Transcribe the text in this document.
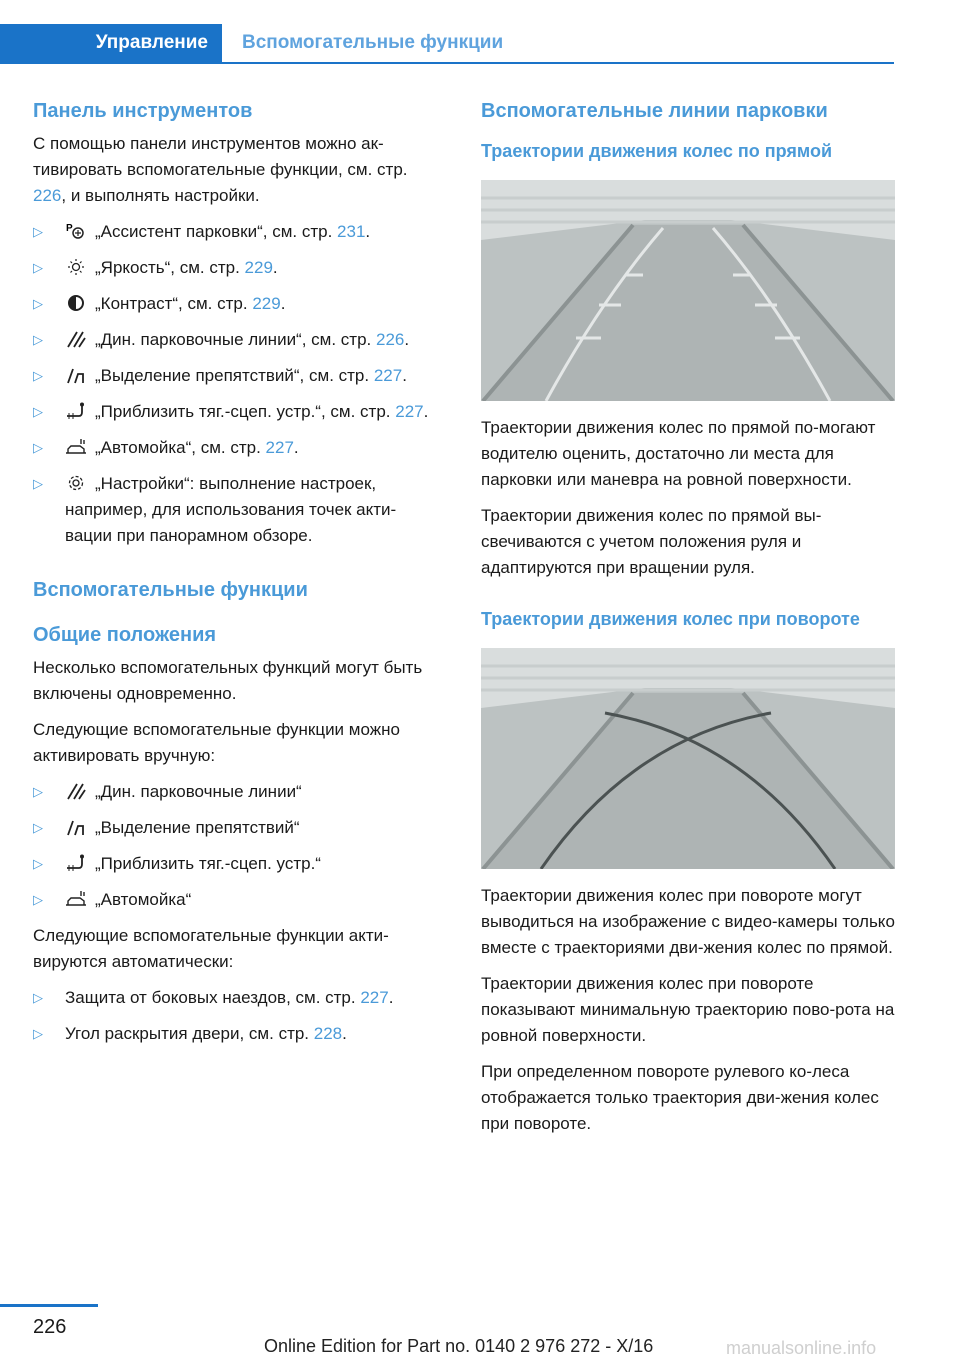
Управление	Вспомогательные функции
Панель инструментов

С помощью панели инструментов можно ак-тивировать вспомогательные функции, см. стр. 226, и выполнять настройки.

▷ P „Ассистент парковки“, см. стр. 231.
▷	„Яркость“, см. стр. 229.
▷	„Контраст“, см. стр. 229.
▷	„Дин. парковочные линии“, см. стр. 226.
▷	„Выделение препятствий“, см. стр. 227.
▷	„Приблизить тяг.-сцеп. устр.“, см. стр. 227.
▷	„Автомойка“, см. стр. 227.
▷	„Настройки“: выполнение настроек, например, для использования точек акти-вации при панорамном обзоре.
Вспомогательные функции
Общие положения

Несколько вспомогательных функций могут быть включены одновременно.

Следующие вспомогательные функции можно активировать вручную:

▷	„Дин. парковочные линии“
▷	„Выделение препятствий“
▷	„Приблизить тяг.-сцеп. устр.“
▷	„Автомойка“

Следующие вспомогательные функции акти-вируются автоматически:

▷ Защита от боковых наездов, см. стр. 227.
▷ Угол раскрытия двери, см. стр. 228.
Вспомогательные линии парковки
Траектории движения колес по прямой

Траектории движения колес по прямой по-могают водителю оценить, достаточно ли места для парковки или маневра на ровной поверхности.

Траектории движения колес по прямой вы-свечиваются с учетом положения руля и адаптируются при вращении руля.

Траектории движения колес при повороте

Траектории движения колес при повороте могут выводиться на изображение с видео-камеры только вместе с траекториями дви-жения колес по прямой.

Траектории движения колес при повороте показывают минимальную траекторию пово-рота на ровной поверхности.

При определенном повороте рулевого ко-леса отображается только траектория дви-жения колес при повороте.

226
Online Edition for Part no. 0140 2 976 272 - X/16	manualsonline.info
